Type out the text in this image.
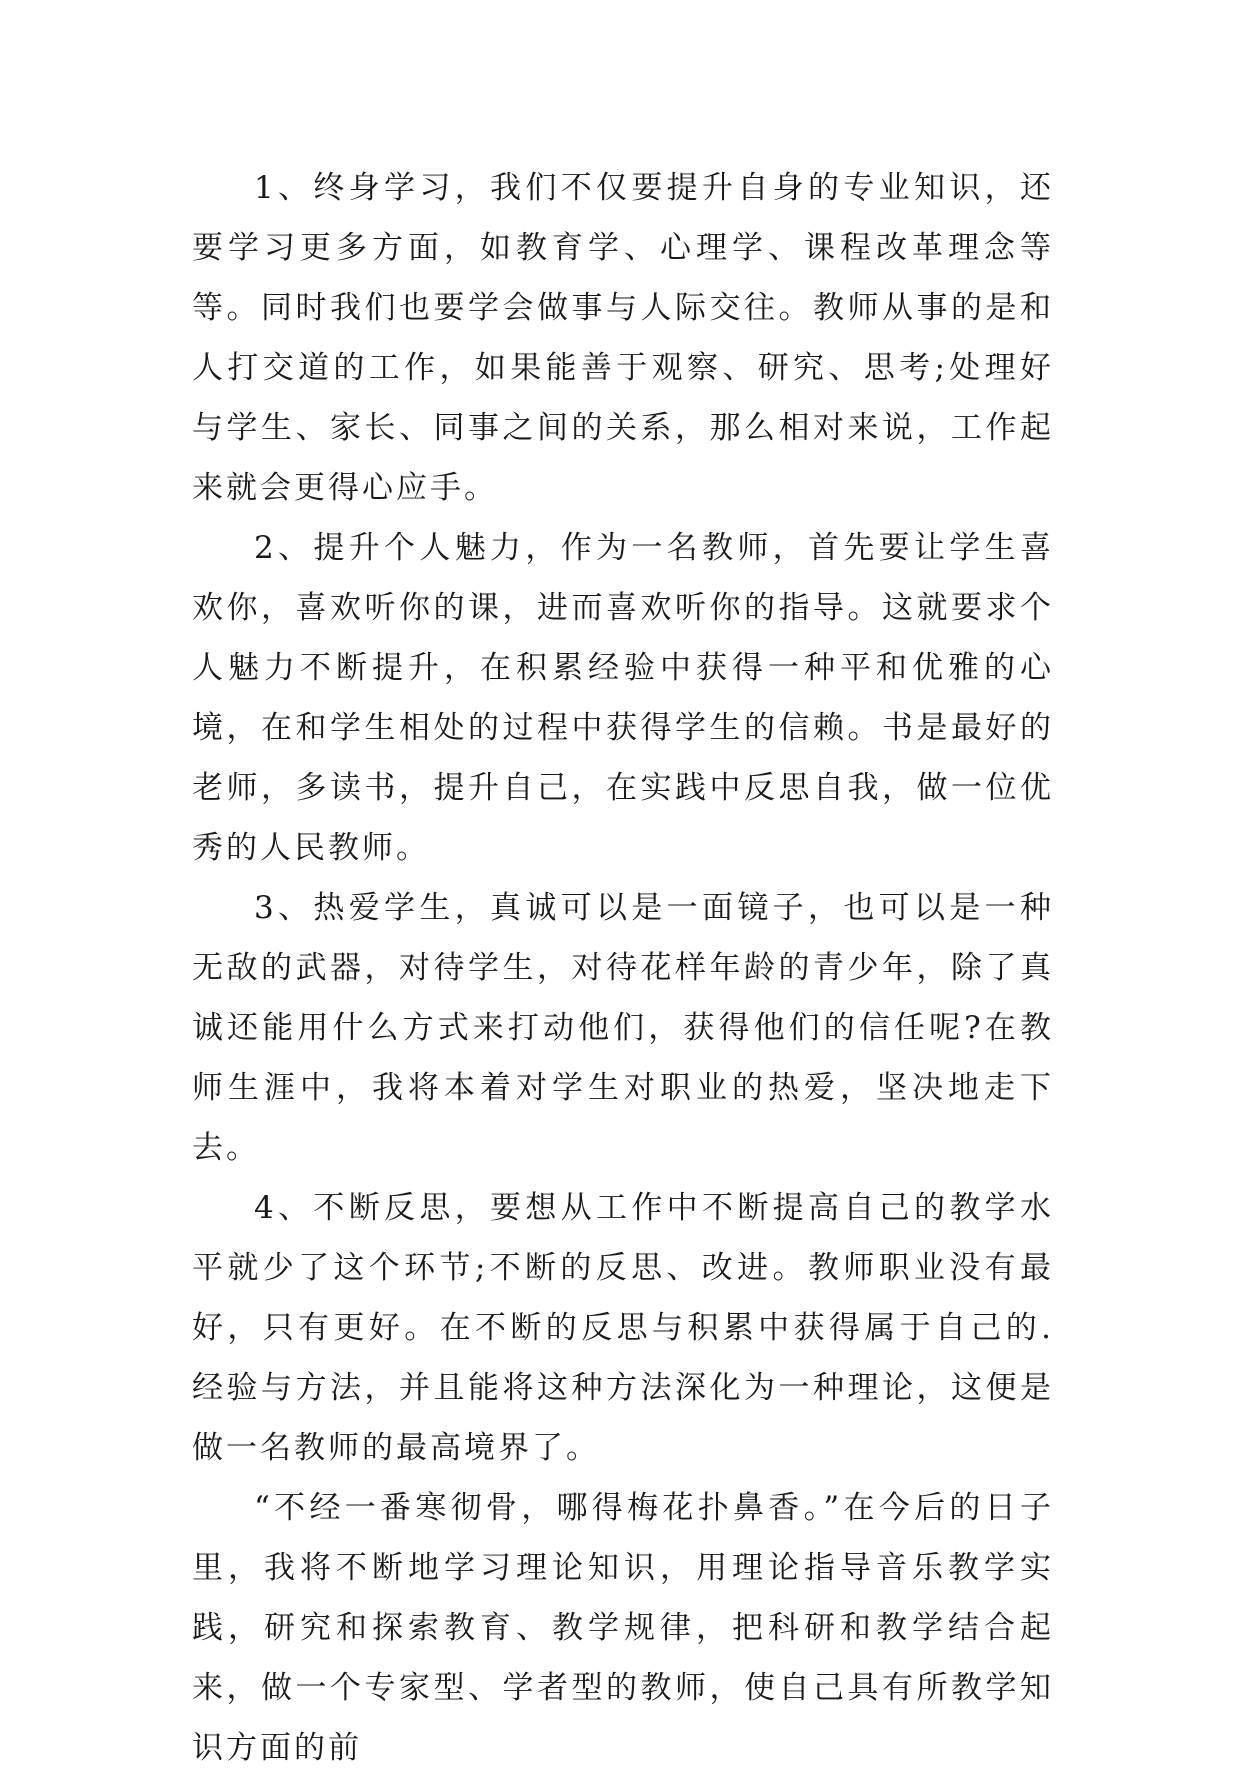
1、终身学习，我们不仅要提升自身的专业知识，还要学习更多方面，如教育学、心理学、课程改革理念等等。同时我们也要学会做事与人际交往。教师从事的是和人打交道的工作，如果能善于观察、研究、思考;处理好与学生、家长、同事之间的关系，那么相对来说，工作起来就会更得心应手。

2、提升个人魅力，作为一名教师，首先要让学生喜欢你，喜欢听你的课，进而喜欢听你的指导。这就要求个人魅力不断提升，在积累经验中获得一种平和优雅的心境，在和学生相处的过程中获得学生的信赖。书是最好的老师，多读书，提升自己，在实践中反思自我，做一位优秀的人民教师。

3、热爱学生，真诚可以是一面镜子，也可以是一种无敌的武器，对待学生，对待花样年龄的青少年，除了真诚还能用什么方式来打动他们，获得他们的信任呢?在教师生涯中，我将本着对学生对职业的热爱，坚决地走下去。

4、不断反思，要想从工作中不断提高自己的教学水平就少了这个环节;不断的反思、改进。教师职业没有最好，只有更好。在不断的反思与积累中获得属于自己的.经验与方法，并且能将这种方法深化为一种理论，这便是做一名教师的最高境界了。

“不经一番寒彻骨，哪得梅花扑鼻香。”在今后的日子里，我将不断地学习理论知识，用理论指导音乐教学实践，研究和探索教育、教学规律，把科研和教学结合起来，做一个专家型、学者型的教师，使自己具有所教学知识方面的前
